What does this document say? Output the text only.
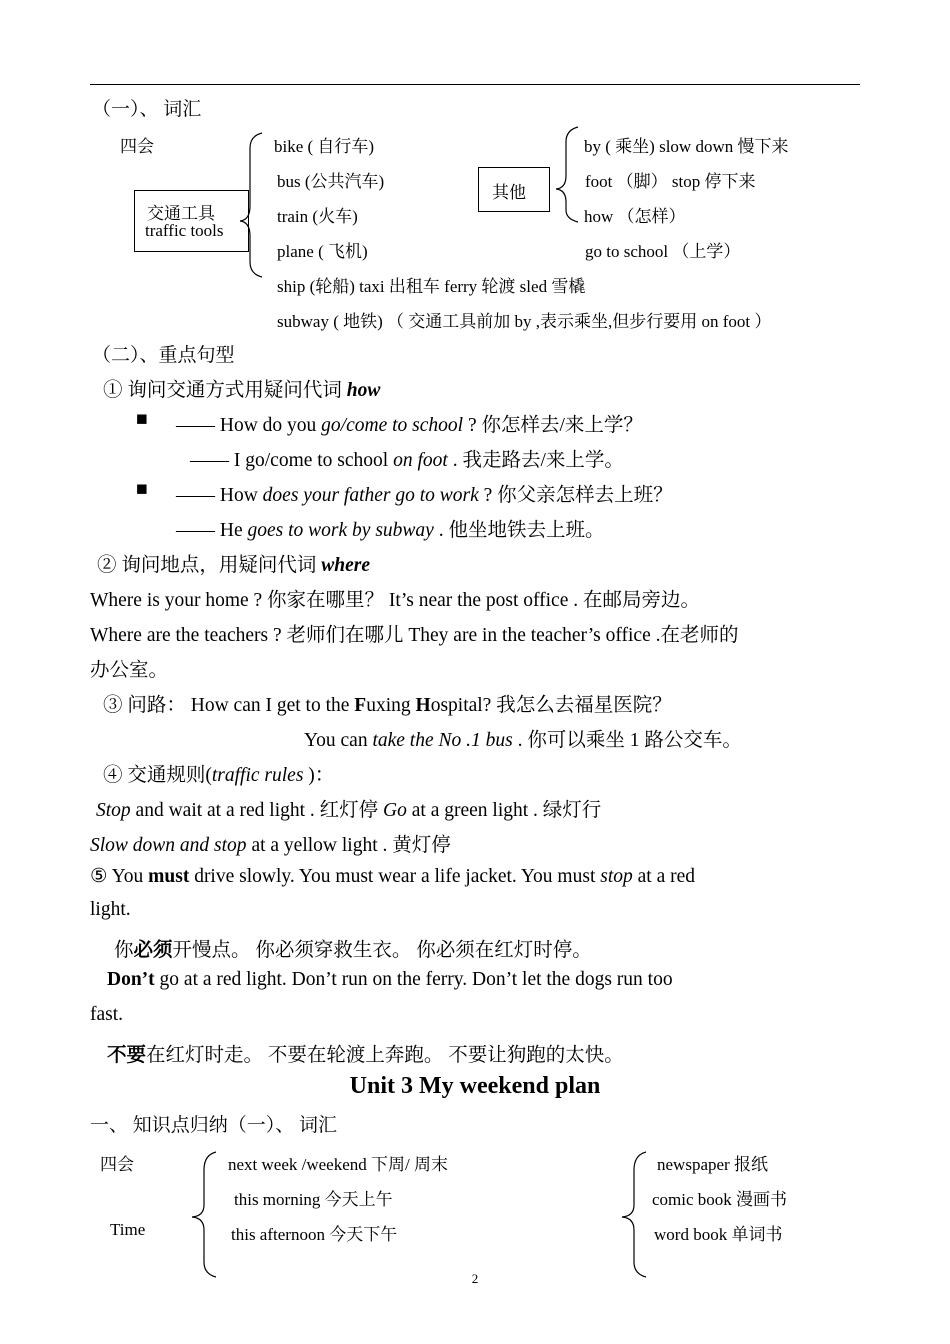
（一）、 词汇
四会
交通工具
traffic tools
bike ( 自行车)
bus (公共汽车)
train (火车)
plane ( 飞机)
ship (轮船) taxi 出租车 ferry 轮渡 sled 雪橇
subway ( 地铁) （ 交通工具前加 by ,表示乘坐,但步行要用 on foot ）
其他
by ( 乘坐) slow down 慢下来
foot （脚） stop 停下来
how （怎样）
go to school （上学）
（二）、重点句型
① 询问交通方式用疑问代词 how
■ —— How do you go/come to school ? 你怎样去/来上学？
—— I go/come to school on foot . 我走路去/来上学。
■ —— How does your father go to work ? 你父亲怎样去上班？
—— He goes to work by subway . 他坐地铁去上班。
② 询问地点，用疑问代词 where
Where is your home ? 你家在哪里？ It’s near the post office . 在邮局旁边。
Where are the teachers ? 老师们在哪儿 They are in the teacher’s office .在老师的
办公室。
③ 问路： How can I get to the Fuxing Hospital? 我怎么去福星医院？
You can take the No .1 bus . 你可以乘坐 1 路公交车。
④ 交通规则(traffic rules )：
Stop and wait at a red light . 红灯停 Go at a green light . 绿灯行
Slow down and stop at a yellow light . 黄灯停
⑤ You must drive slowly. You must wear a life jacket. You must stop at a red
light.
你必须开慢点。 你必须穿救生衣。 你必须在红灯时停。
Don’t go at a red light. Don’t run on the ferry. Don’t let the dogs run too
fast.
不要在红灯时走。 不要在轮渡上奔跑。 不要让狗跑的太快。
Unit 3 My weekend plan
一、 知识点归纳（一）、 词汇
四会
Time
next week /weekend 下周/ 周末
this morning 今天上午
this afternoon 今天下午
newspaper 报纸
comic book 漫画书
word book 单词书
2
